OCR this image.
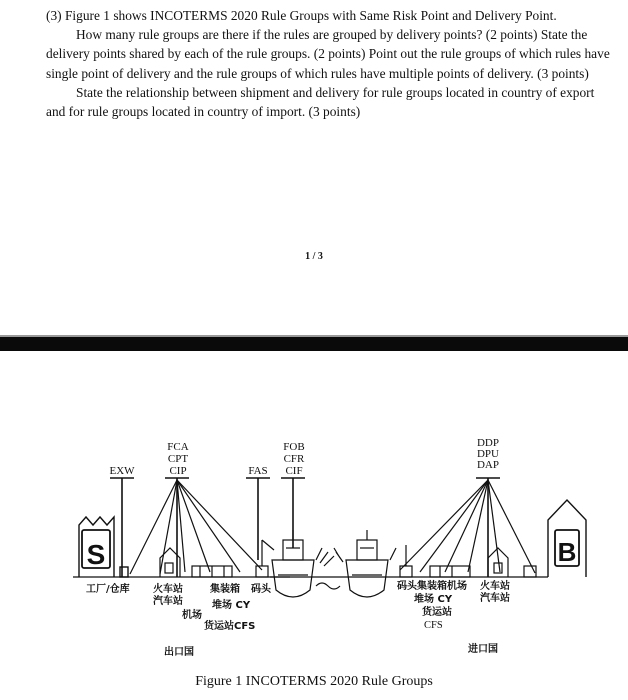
(3) Figure 1 shows INCOTERMS 2020 Rule Groups with Same Risk Point and Delivery Point.

How many rule groups are there if the rules are grouped by delivery points? (2 points) State the delivery points shared by each of the rule groups. (2 points) Point out the rule groups of which rules have single point of delivery and the rule groups of which rules have multiple points of delivery. (3 points)

State the relationship between shipment and delivery for rule groups located in country of export and for rule groups located in country of import. (3 points)

1 / 3
S	B
EXW
FCA
CPT
CIP	FAS
FOB
CFR
CIF
DDP
DPU
DAP
工厂/仓库 火车站
汽车站
机场
集装箱 码头
堆场 CY
货运站CFS
出口国
码头集装箱机场 火车站
汽车站
堆场 CY
货运站
进口国
CFS
Figure 1 INCOTERMS 2020 Rule Groups
